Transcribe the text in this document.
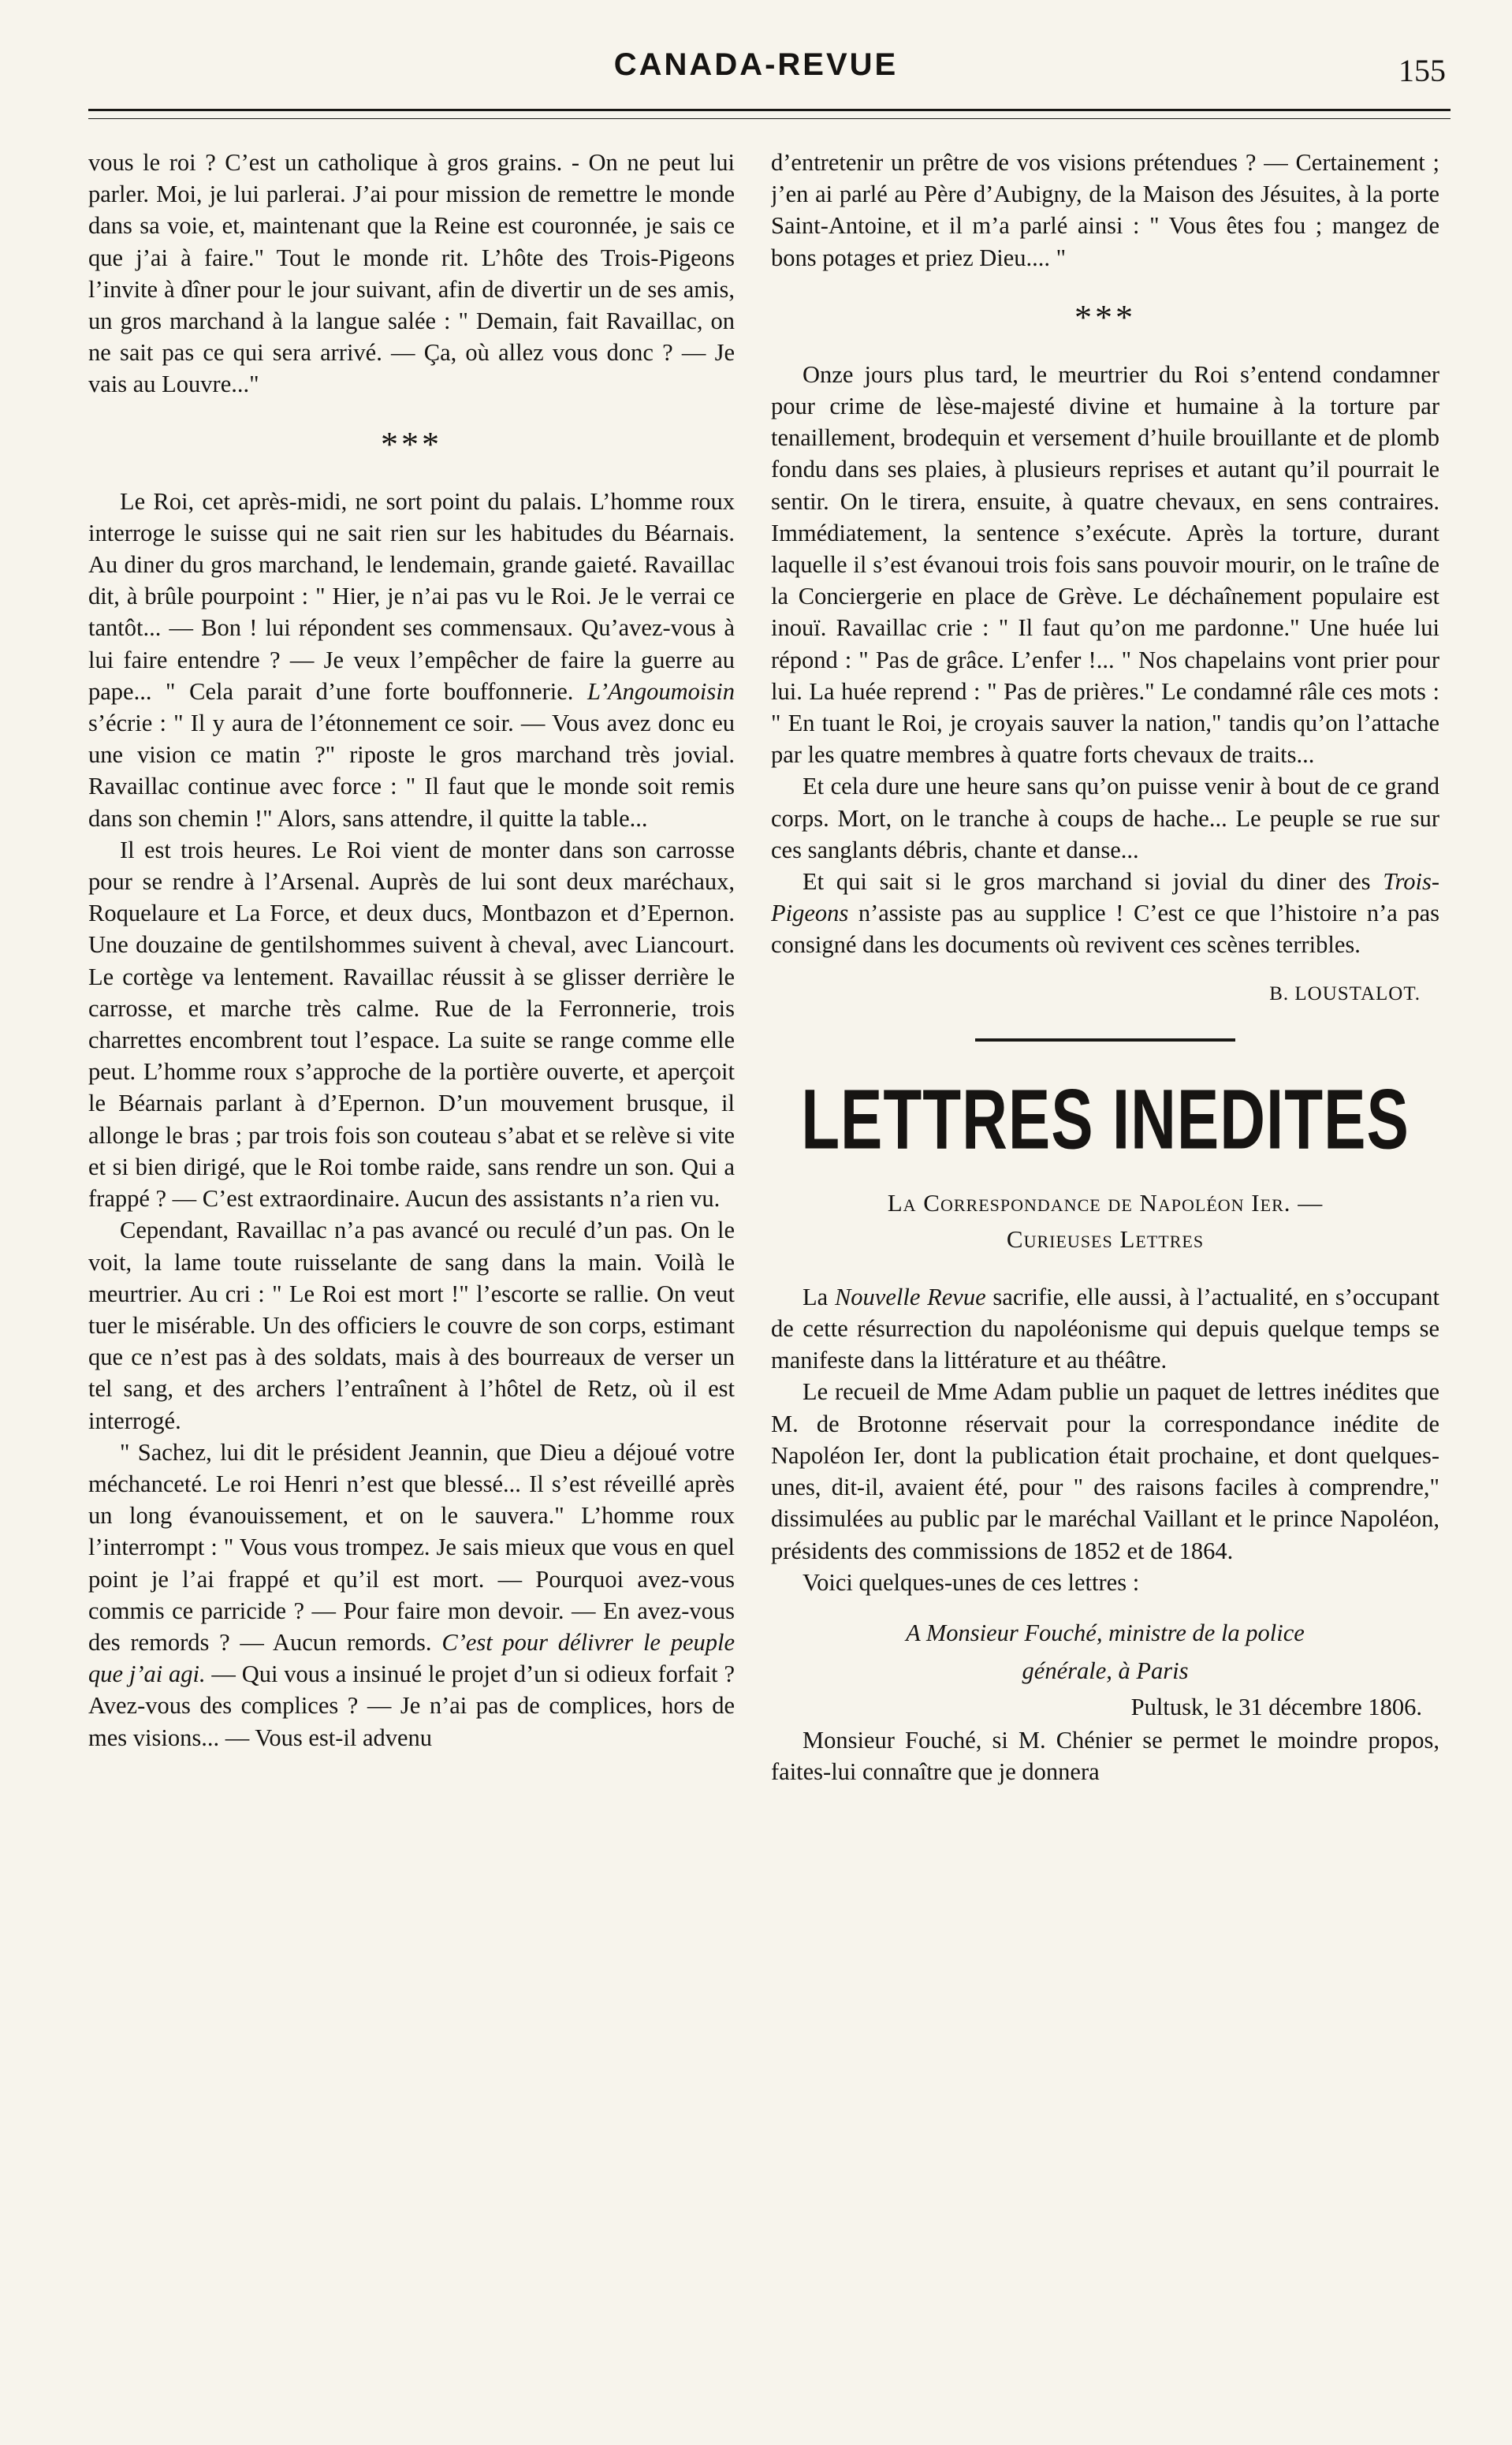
CANADA-REVUE	155

vous le roi ? C’est un catholique à gros grains. - On ne peut lui parler. Moi, je lui parlerai. J’ai pour mission de remettre le monde dans sa voie, et, maintenant que la Reine est couronnée, je sais ce que j’ai à faire." Tout le monde rit. L’hôte des Trois-Pigeons l’invite à dîner pour le jour suivant, afin de divertir un de ses amis, un gros marchand à la langue salée : " Demain, fait Ravaillac, on ne sait pas ce qui sera arrivé. — Ça, où allez vous donc ? — Je vais au Louvre..."

***

Le Roi, cet après-midi, ne sort point du palais. L’homme roux interroge le suisse qui ne sait rien sur les habitudes du Béarnais. Au diner du gros marchand, le lendemain, grande gaieté. Ravaillac dit, à brûle pourpoint : " Hier, je n’ai pas vu le Roi. Je le verrai ce tantôt... — Bon ! lui répondent ses commensaux. Qu’avez-vous à lui faire entendre ? — Je veux l’empêcher de faire la guerre au pape... " Cela parait d’une forte bouffonnerie. L’Angoumoisin s’écrie : " Il y aura de l’étonnement ce soir. — Vous avez donc eu une vision ce matin ?" riposte le gros marchand très jovial. Ravaillac continue avec force : " Il faut que le monde soit remis dans son chemin !" Alors, sans attendre, il quitte la table...

Il est trois heures. Le Roi vient de monter dans son carrosse pour se rendre à l’Arsenal. Auprès de lui sont deux maréchaux, Roquelaure et La Force, et deux ducs, Montbazon et d’Epernon. Une douzaine de gentilshommes suivent à cheval, avec Liancourt. Le cortège va lentement. Ravaillac réussit à se glisser derrière le carrosse, et marche très calme. Rue de la Ferronnerie, trois charrettes encombrent tout l’espace. La suite se range comme elle peut. L’homme roux s’approche de la portière ouverte, et aperçoit le Béarnais parlant à d’Epernon. D’un mouvement brusque, il allonge le bras ; par trois fois son couteau s’abat et se relève si vite et si bien dirigé, que le Roi tombe raide, sans rendre un son. Qui a frappé ? — C’est extraordinaire. Aucun des assistants n’a rien vu.

Cependant, Ravaillac n’a pas avancé ou reculé d’un pas. On le voit, la lame toute ruisselante de sang dans la main. Voilà le meurtrier. Au cri : " Le Roi est mort !" l’escorte se rallie. On veut tuer le misérable. Un des officiers le couvre de son corps, estimant que ce n’est pas à des soldats, mais à des bourreaux de verser un tel sang, et des archers l’entraînent à l’hôtel de Retz, où il est interrogé.

" Sachez, lui dit le président Jeannin, que Dieu a déjoué votre méchanceté. Le roi Henri n’est que blessé... Il s’est réveillé après un long évanouissement, et on le sauvera." L’homme roux l’interrompt : " Vous vous trompez. Je sais mieux que vous en quel point je l’ai frappé et qu’il est mort. — Pourquoi avez-vous commis ce parricide ? — Pour faire mon devoir. — En avez-vous des remords ? — Aucun remords. C’est pour délivrer le peuple que j’ai agi. — Qui vous a insinué le projet d’un si odieux forfait ? Avez-vous des complices ? — Je n’ai pas de complices, hors de mes visions... — Vous est-il advenu

d’entretenir un prêtre de vos visions prétendues ? — Certainement ; j’en ai parlé au Père d’Aubigny, de la Maison des Jésuites, à la porte Saint-Antoine, et il m’a parlé ainsi : " Vous êtes fou ; mangez de bons potages et priez Dieu.... "

***

Onze jours plus tard, le meurtrier du Roi s’entend condamner pour crime de lèse-majesté divine et humaine à la torture par tenaillement, brodequin et versement d’huile brouillante et de plomb fondu dans ses plaies, à plusieurs reprises et autant qu’il pourrait le sentir. On le tirera, ensuite, à quatre chevaux, en sens contraires. Immédiatement, la sentence s’exécute. Après la torture, durant laquelle il s’est évanoui trois fois sans pouvoir mourir, on le traîne de la Conciergerie en place de Grève. Le déchaînement populaire est inouï. Ravaillac crie : " Il faut qu’on me pardonne." Une huée lui répond : " Pas de grâce. L’enfer !... " Nos chapelains vont prier pour lui. La huée reprend : " Pas de prières." Le condamné râle ces mots : " En tuant le Roi, je croyais sauver la nation," tandis qu’on l’attache par les quatre membres à quatre forts chevaux de traits...

Et cela dure une heure sans qu’on puisse venir à bout de ce grand corps. Mort, on le tranche à coups de hache... Le peuple se rue sur ces sanglants débris, chante et danse...

Et qui sait si le gros marchand si jovial du diner des Trois-Pigeons n’assiste pas au supplice ! C’est ce que l’histoire n’a pas consigné dans les documents où revivent ces scènes terribles.

B. LOUSTALOT.
LETTRES INEDITES
La Correspondance de Napoléon Ier. —
Curieuses Lettres

La Nouvelle Revue sacrifie, elle aussi, à l’actualité, en s’occupant de cette résurrection du napoléonisme qui depuis quelque temps se manifeste dans la littérature et au théâtre.

Le recueil de Mme Adam publie un paquet de lettres inédites que M. de Brotonne réservait pour la correspondance inédite de Napoléon Ier, dont la publication était prochaine, et dont quelques-unes, dit-il, avaient été, pour " des raisons faciles à comprendre," dissimulées au public par le maréchal Vaillant et le prince Napoléon, présidents des commissions de 1852 et de 1864.

Voici quelques-unes de ces lettres :

A Monsieur Fouché, ministre de la police
générale, à Paris
Pultusk, le 31 décembre 1806.

Monsieur Fouché, si M. Chénier se permet le moindre propos, faites-lui connaître que je donnera
